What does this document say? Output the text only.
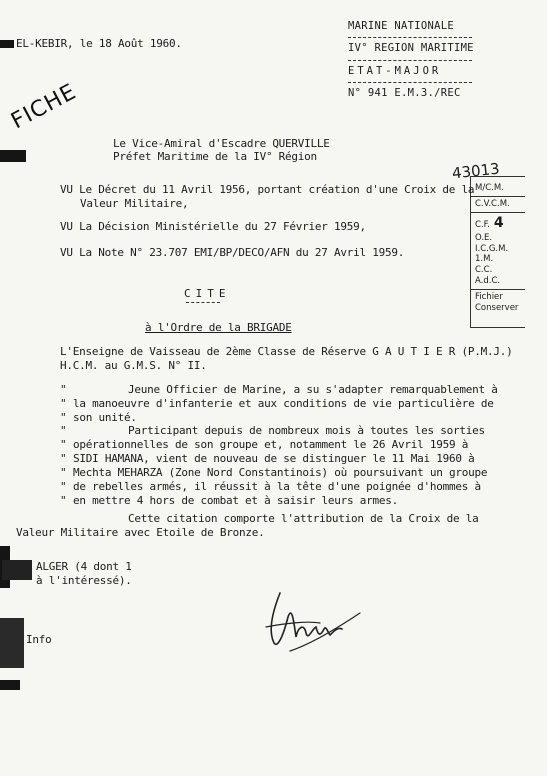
EL-KEBIR, le 18 Août 1960.
MARINE NATIONALE
IV° REGION MARITIME
ETAT-MAJOR
N° 941 E.M.3./REC
FICHE
Le Vice-Amiral d'Escadre QUERVILLE
Préfet Maritime de la IV° Région
43013
M/C.M.
C.V.C.M.
C.F. 4
O.E.
I.C.G.M.
1.M.
C.C.
A.d.C.
Fichier
Conserver
VU Le Décret du 11 Avril 1956, portant création d'une Croix de la
Valeur Militaire,
VU La Décision Ministérielle du 27 Février 1959,
VU La Note N° 23.707 EMI/BP/DECO/AFN du 27 Avril 1959.
CITE
à l'Ordre de la BRIGADE
L'Enseigne de Vaisseau de 2ème Classe de Réserve G A U T I E R (P.M.J.)
H.C.M. au G.M.S. N° II.
"
"
"
"
"
"
"
"
"
Jeune Officier de Marine, a su s'adapter remarquablement à
la manoeuvre d'infanterie et aux conditions de vie particulière de
son unité.
Participant depuis de nombreux mois à toutes les sorties
opérationnelles de son groupe et, notamment le 26 Avril 1959 à
SIDI HAMANA, vient de nouveau de se distinguer le 11 Mai 1960 à
Mechta MEHARZA (Zone Nord Constantinois) où poursuivant un groupe
de rebelles armés, il réussit à la tête d'une poignée d'hommes à
en mettre 4 hors de combat et à saisir leurs armes.
Cette citation comporte l'attribution de la Croix de la
Valeur Militaire avec Etoile de Bronze.
ALGER (4 dont 1
à l'intéressé).
Info
